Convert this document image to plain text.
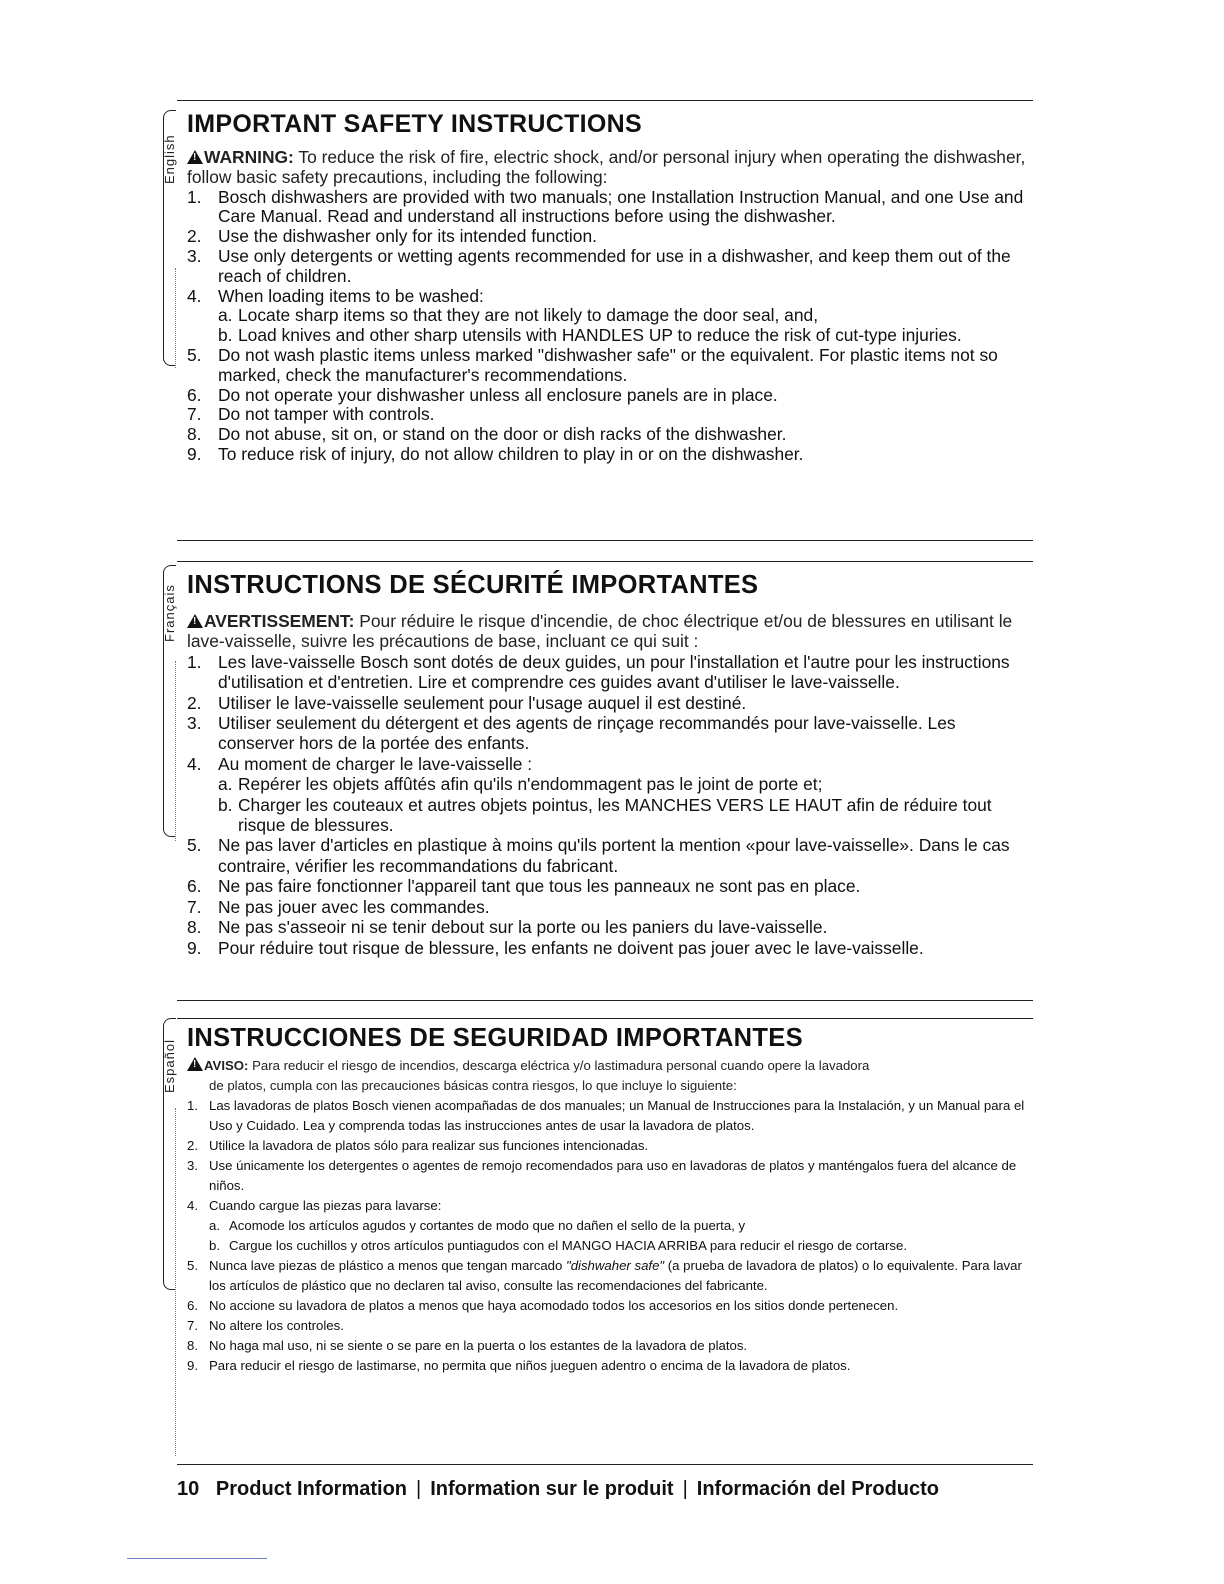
English
IMPORTANT SAFETY INSTRUCTIONS

!WARNING: To reduce the risk of fire, electric shock, and/or personal injury when operating the dishwasher, follow basic safety precautions, including the following:

1. Bosch dishwashers are provided with two manuals; one Installation Instruction Manual, and one Use and Care Manual. Read and understand all instructions before using the dishwasher.
2. Use the dishwasher only for its intended function.
3. Use only detergents or wetting agents recommended for use in a dishwasher, and keep them out of the reach of children.
4. When loading items to be washed:
a. Locate sharp items so that they are not likely to damage the door seal, and,
b. Load knives and other sharp utensils with HANDLES UP to reduce the risk of cut-type injuries.
5. Do not wash plastic items unless marked "dishwasher safe" or the equivalent. For plastic items not so marked, check the manufacturer's recommendations.
6. Do not operate your dishwasher unless all enclosure panels are in place.
7. Do not tamper with controls.
8. Do not abuse, sit on, or stand on the door or dish racks of the dishwasher.
9. To reduce risk of injury, do not allow children to play in or on the dishwasher.
Français INSTRUCTIONS DE SÉCURITÉ IMPORTANTES

!AVERTISSEMENT: Pour réduire le risque d'incendie, de choc électrique et/ou de blessures en utilisant le lave-vaisselle, suivre les précautions de base, incluant ce qui suit :

1. Les lave-vaisselle Bosch sont dotés de deux guides, un pour l'installation et l'autre pour les instructions d'utilisation et d'entretien. Lire et comprendre ces guides avant d'utiliser le lave-vaisselle.
2. Utiliser le lave-vaisselle seulement pour l'usage auquel il est destiné.
3. Utiliser seulement du détergent et des agents de rinçage recommandés pour lave-vaisselle. Les conserver hors de la portée des enfants.
4. Au moment de charger le lave-vaisselle :
a. Repérer les objets affûtés afin qu'ils n'endommagent pas le joint de porte et;
b. Charger les couteaux et autres objets pointus, les MANCHES VERS LE HAUT afin de réduire tout risque de blessures.
5. Ne pas laver d'articles en plastique à moins qu'ils portent la mention «pour lave-vaisselle». Dans le cas contraire, vérifier les recommandations du fabricant.
6. Ne pas faire fonctionner l'appareil tant que tous les panneaux ne sont pas en place.
7. Ne pas jouer avec les commandes.
8. Ne pas s'asseoir ni se tenir debout sur la porte ou les paniers du lave-vaisselle.
9. Pour réduire tout risque de blessure, les enfants ne doivent pas jouer avec le lave-vaisselle.
Español
INSTRUCCIONES DE SEGURIDAD IMPORTANTES

!AVISO: Para reducir el riesgo de incendios, descarga eléctrica y/o lastimadura personal cuando opere la lavadora
de platos, cumpla con las precauciones básicas contra riesgos, lo que incluye lo siguiente:

1. Las lavadoras de platos Bosch vienen acompañadas de dos manuales; un Manual de Instrucciones para la Instalación, y un Manual para el Uso y Cuidado. Lea y comprenda todas las instrucciones antes de usar la lavadora de platos.
2. Utilice la lavadora de platos sólo para realizar sus funciones intencionadas.
3. Use únicamente los detergentes o agentes de remojo recomendados para uso en lavadoras de platos y manténgalos fuera del alcance de niños.
4. Cuando cargue las piezas para lavarse:
a. Acomode los artículos agudos y cortantes de modo que no dañen el sello de la puerta, y
b. Cargue los cuchillos y otros artículos puntiagudos con el MANGO HACIA ARRIBA para reducir el riesgo de cortarse.
5. Nunca lave piezas de plástico a menos que tengan marcado "dishwaher safe" (a prueba de lavadora de platos) o lo equivalente. Para lavar los artículos de plástico que no declaren tal aviso, consulte las recomendaciones del fabricante.
6. No accione su lavadora de platos a menos que haya acomodado todos los accesorios en los sitios donde pertenecen.
7. No altere los controles.
8. No haga mal uso, ni se siente o se pare en la puerta o los estantes de la lavadora de platos.
9. Para reducir el riesgo de lastimarse, no permita que niños jueguen adentro o encima de la lavadora de platos.
10 Product Information | Information sur le produit | Información del Producto
